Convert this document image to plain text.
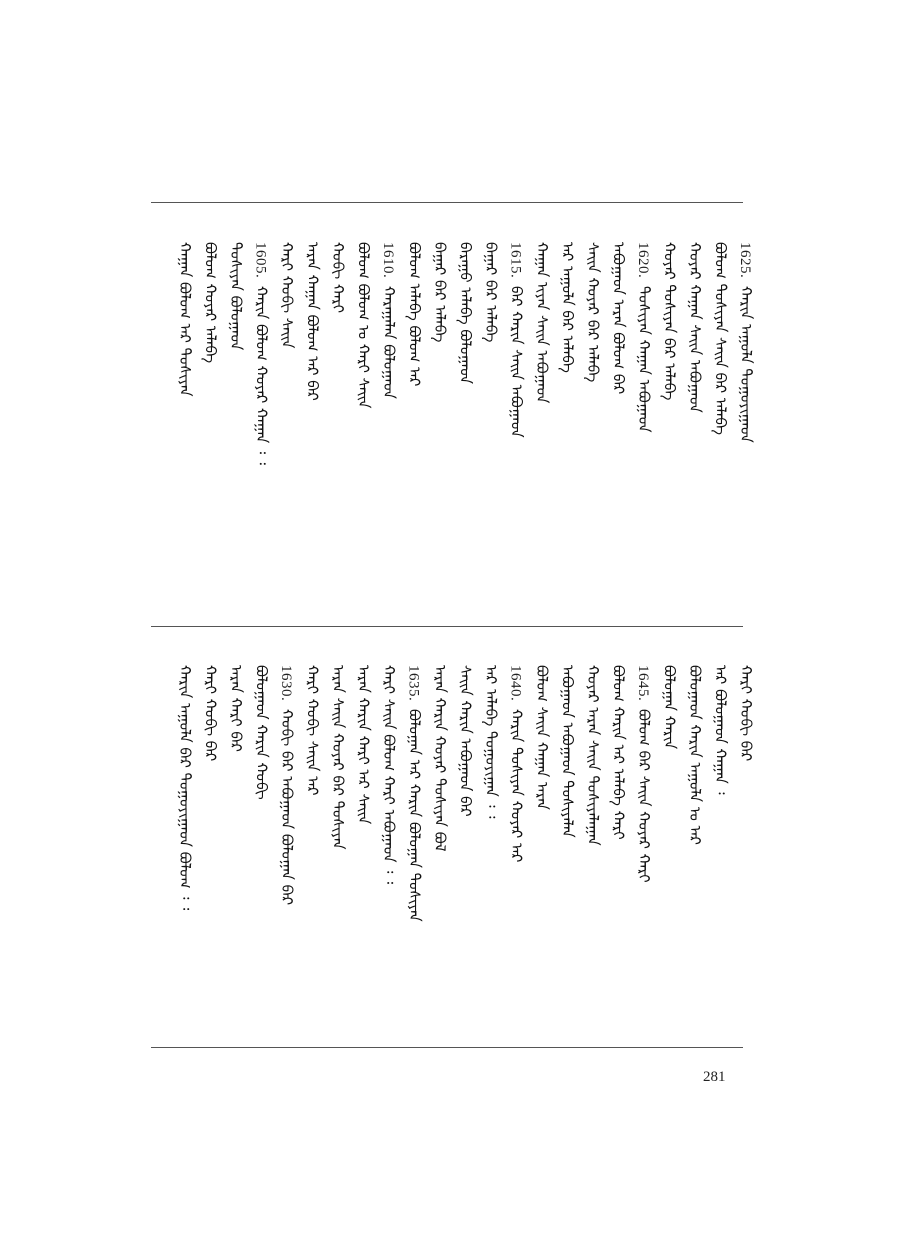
1625.
ᠬᠠᠷᠢᠨ ᠠᠭᠤᠯᠠ ᠳᠤᠭᠤᠶᠢᠭᠠᠳ
ᠪᠤᠯᠤᠭ ᠳᠤᠰᠢᠶᠠᠨ ᠰᠠᠢᠨ ᠪᠠᠷ ᠠᠯᠠᠪᠠ
ᠬᠤᠶᠠᠷ ᠬᠠᠭᠠᠨ ᠰᠠᠢᠨ ᠠᠪᠤᠭᠠᠳ
ᠬᠤᠶᠠᠷ ᠳᠤᠰᠢᠶᠠᠨ ᠪᠠᠷ ᠠᠯᠠᠪᠠ
1620.
ᠳᠤᠰᠢᠶᠠᠨ ᠬᠠᠭᠠᠨ ᠠᠪᠤᠭᠠᠳ
ᠠᠪᠤᠭᠠᠳ ᠠᠷᠠᠨ ᠪᠤᠯᠤᠭ ᠪᠠᠷ
ᠰᠠᠢᠨ ᠬᠤᠶᠠᠷ ᠪᠠᠷ ᠠᠯᠠᠪᠠ
ᠠᠷ ᠠᠭᠤᠯᠠ ᠪᠠᠷ ᠠᠯᠠᠪᠠ
ᠬᠠᠭᠠᠨ ᠢᠶᠡᠨ ᠰᠠᠢᠨ ᠠᠪᠤᠭᠠᠳ
1615.
ᠪᠠᠷ ᠬᠠᠷᠢᠨ ᠰᠠᠢᠨ ᠠᠪᠤᠭᠠᠳ
ᠪᠠᠭᠠᠷ ᠪᠠᠷ ᠠᠯᠠᠪᠠ
ᠪᠠᠷᠠᠭᠤ ᠠᠯᠠᠪᠠ ᠪᠤᠯᠤᠭᠠᠳ
ᠪᠠᠭᠠᠷ ᠪᠠᠷ ᠠᠯᠠᠪᠠ
ᠪᠤᠯᠤᠭ ᠠᠯᠠᠪᠠ ᠪᠤᠯᠤᠭ ᠠᠷ
1610.
ᠬᠠᠷᠠᠭᠠᠯᠠᠨ ᠪᠤᠯᠤᠭᠠᠳ
ᠪᠤᠯᠤᠭ ᠪᠤᠯᠤᠭ ᠣ ᠬᠠᠷᠢ ᠰᠠᠢᠨ
ᠬᠤᠪᠢ ᠬᠠᠷᠢ
ᠠᠷᠠᠨ ᠬᠠᠭᠠᠨ ᠪᠤᠯᠤᠭ ᠠᠷ ᠪᠠᠷ
ᠬᠠᠷᠢ ᠬᠤᠪᠢ ᠰᠠᠢᠨ
1605.
ᠬᠠᠷᠢᠨ ᠪᠤᠯᠤᠭ ᠬᠤᠶᠠᠷ ᠬᠠᠭᠠᠨ ᠄ ᠄
ᠳᠤᠰᠢᠶᠠᠨ ᠪᠤᠯᠤᠭᠠᠳ
ᠪᠤᠯᠤᠭ ᠬᠤᠶᠠᠷ ᠠᠯᠠᠪᠠ
ᠬᠠᠭᠠᠨ ᠪᠤᠯᠤᠭ ᠠᠷ ᠳᠤᠰᠢᠶᠠᠨ
ᠬᠠᠷᠢ ᠬᠤᠪᠢ ᠪᠠᠷ
ᠠᠷ ᠪᠤᠯᠤᠭᠠᠳ ᠬᠠᠭᠠᠨ ᠄
ᠪᠤᠯᠤᠭᠠᠳ ᠬᠠᠷᠢᠨ ᠠᠭᠤᠯᠠ ᠣ ᠠᠷ
ᠪᠤᠯᠤᠭᠠᠨ ᠬᠠᠷᠢᠨ
1645.
ᠪᠤᠯᠤᠭ ᠪᠠᠷ ᠰᠠᠢᠨ ᠬᠤᠶᠠᠷ ᠬᠠᠷᠢ
ᠪᠤᠯᠤᠭ ᠬᠠᠷᠢᠨ ᠠᠷ ᠠᠯᠠᠪᠠ ᠬᠠᠷᠢ
ᠬᠤᠶᠠᠷ ᠠᠷᠠᠨ ᠰᠠᠢᠨ ᠳᠤᠰᠢᠶᠠᠯᠠᠭᠠᠨ
ᠠᠪᠤᠭᠠᠳ ᠠᠪᠤᠭᠠᠳ ᠳᠤᠰᠢᠶᠠᠯᠠᠨ
ᠪᠤᠯᠤᠭ ᠰᠠᠢᠨ ᠬᠠᠭᠠᠨ ᠠᠷᠠᠨ
1640.
ᠬᠠᠷᠢᠨ ᠳᠤᠰᠢᠶᠠᠨ ᠬᠤᠶᠠᠷ ᠠᠷ
ᠠᠷ ᠠᠯᠠᠪᠠ ᠳᠤᠭᠤᠶᠢᠭᠠᠨ ᠄ ᠄
ᠰᠠᠢᠨ ᠬᠠᠷᠢᠨ ᠠᠪᠤᠭᠠᠳ ᠪᠠᠷ
ᠠᠷᠠᠨ ᠬᠠᠷᠢᠨ ᠬᠤᠶᠠᠷ ᠳᠤᠰᠢᠶᠠᠨ ᠪᠤᠯ
1635.
ᠪᠤᠯᠤᠭᠠᠨ ᠠᠷ ᠬᠠᠷᠢᠨ ᠪᠤᠯᠤᠭᠠᠨ ᠳᠤᠰᠢᠶᠠᠨ
ᠬᠠᠷᠢ ᠰᠠᠢᠨ ᠪᠤᠯᠤᠭ ᠬᠠᠷᠢ ᠠᠪᠤᠭᠠᠳ ᠄ ᠄
ᠠᠷᠠᠨ ᠬᠠᠷᠢᠨ ᠬᠠᠷᠢ ᠠᠷ ᠰᠠᠢᠨ
ᠠᠷᠠᠨ ᠰᠠᠢᠨ ᠬᠤᠶᠠᠷ ᠪᠠᠷ ᠳᠤᠰᠢᠶᠠᠨ
ᠬᠠᠷᠢ ᠬᠤᠪᠢ ᠰᠠᠢᠨ ᠠᠷ
1630.
ᠬᠤᠪᠢ ᠪᠠᠷ ᠠᠪᠤᠭᠠᠳ ᠪᠤᠯᠤᠭᠠᠨ ᠪᠠᠷ
ᠪᠤᠯᠤᠭᠠᠳ ᠬᠠᠷᠢᠨ ᠬᠤᠪᠢ
ᠠᠷᠠᠨ ᠬᠠᠷᠢ ᠪᠠᠷ
ᠬᠠᠷᠢ ᠬᠤᠪᠢ ᠪᠠᠷ
ᠬᠠᠷᠢᠨ ᠠᠭᠤᠯᠠ ᠪᠠᠷ ᠳᠤᠭᠤᠶᠢᠭᠠᠳ ᠪᠤᠯᠤᠭ ᠄ ᠄
281
